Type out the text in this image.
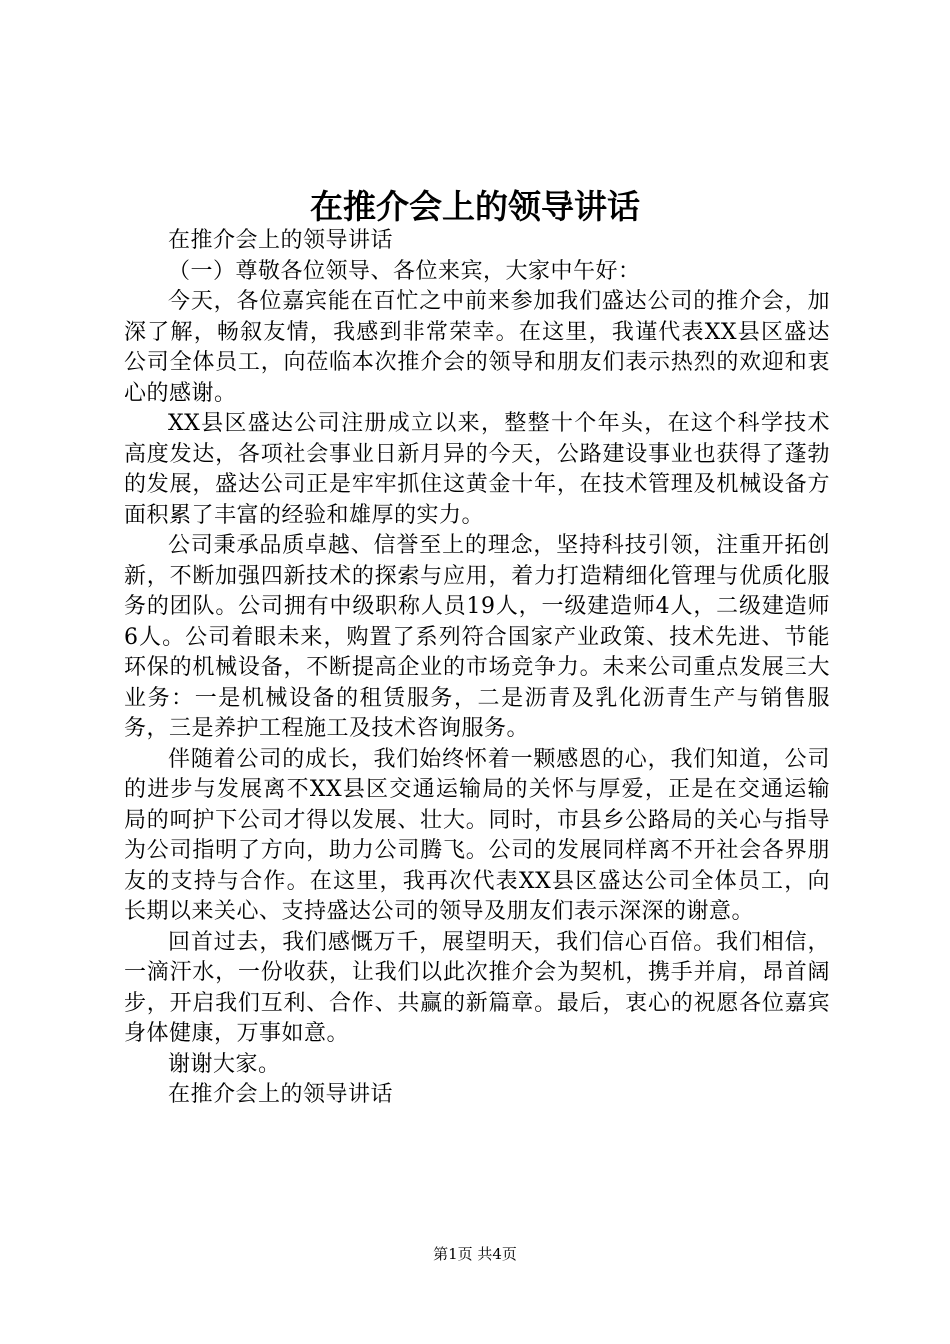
在推介会上的领导讲话

在推介会上的领导讲话

（一）尊敬各位领导、各位来宾，大家中午好：

今天，各位嘉宾能在百忙之中前来参加我们盛达公司的推介会，加深了解，畅叙友情，我感到非常荣幸。在这里，我谨代表XX县区盛达公司全体员工，向莅临本次推介会的领导和朋友们表示热烈的欢迎和衷心的感谢。

XX县区盛达公司注册成立以来，整整十个年头，在这个科学技术高度发达，各项社会事业日新月异的今天，公路建设事业也获得了蓬勃的发展，盛达公司正是牢牢抓住这黄金十年，在技术管理及机械设备方面积累了丰富的经验和雄厚的实力。

公司秉承品质卓越、信誉至上的理念，坚持科技引领，注重开拓创新，不断加强四新技术的探索与应用，着力打造精细化管理与优质化服务的团队。公司拥有中级职称人员19人，一级建造师4人，二级建造师6人。公司着眼未来，购置了系列符合国家产业政策、技术先进、节能环保的机械设备，不断提高企业的市场竞争力。未来公司重点发展三大业务：一是机械设备的租赁服务，二是沥青及乳化沥青生产与销售服务，三是养护工程施工及技术咨询服务。

伴随着公司的成长，我们始终怀着一颗感恩的心，我们知道，公司的进步与发展离不XX县区交通运输局的关怀与厚爱，正是在交通运输局的呵护下公司才得以发展、壮大。同时，市县乡公路局的关心与指导为公司指明了方向，助力公司腾飞。公司的发展同样离不开社会各界朋友的支持与合作。在这里，我再次代表XX县区盛达公司全体员工，向长期以来关心、支持盛达公司的领导及朋友们表示深深的谢意。

回首过去，我们感慨万千，展望明天，我们信心百倍。我们相信，一滴汗水，一份收获，让我们以此次推介会为契机，携手并肩，昂首阔步，开启我们互利、合作、共赢的新篇章。最后，衷心的祝愿各位嘉宾身体健康，万事如意。

谢谢大家。

在推介会上的领导讲话

第1页 共4页
